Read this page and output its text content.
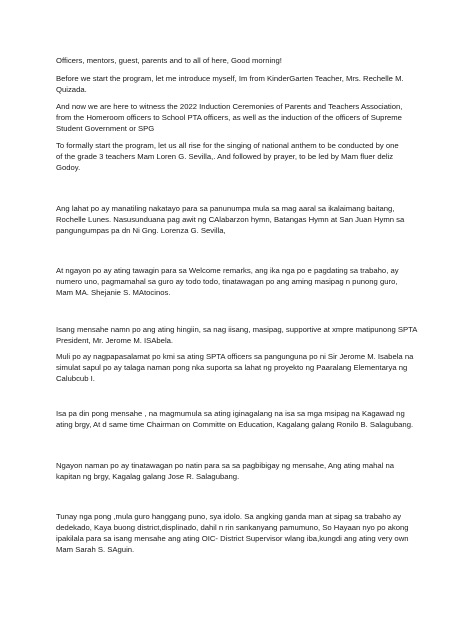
Officers, mentors, guest, parents and to all of here, Good morning!

Before we start the program, let me introduce myself, Im from KinderGarten Teacher, Mrs. Rechelle M.
Quizada.

And now we are here to witness the 2022 Induction Ceremonies of Parents and Teachers Association,
from the Homeroom officers to School PTA officers, as well as the induction of the officers of Supreme
Student Government or SPG

To formally start the program, let us all rise for the singing of national anthem to be conducted by one
of the grade 3 teachers Mam Loren G. Sevilla,. And followed by prayer, to be led by Mam fluer deliz
Godoy.

Ang lahat po ay manatiling nakatayo para sa panunumpa mula sa mag aaral sa ikalaimang baitang,
Rochelle Lunes. Nasusunduana pag awit ng CAlabarzon hymn, Batangas Hymn at San Juan Hymn sa
pangungumpas pa dn Ni Gng. Lorenza G. Sevilla,

At ngayon po ay ating tawagin para sa Welcome remarks, ang ika nga po e pagdating sa trabaho, ay
numero uno, pagmamahal sa guro ay todo todo, tinatawagan po ang aming masipag n punong guro,
Mam MA. Shejanie S. MAtocinos.

Isang mensahe namn po ang ating hingiin, sa nag iisang, masipag, supportive at xmpre matipunong SPTA
President, Mr. Jerome M. ISAbela.

Muli po ay nagpapasalamat po kmi sa ating SPTA officers sa pangunguna po ni Sir Jerome M. Isabela na
simulat sapul po ay talaga naman pong nka suporta sa lahat ng proyekto ng Paaralang Elementarya ng
Calubcub I.

Isa pa din pong mensahe , na magmumula sa ating iginagalang na isa sa mga msipag na Kagawad ng
ating brgy, At d same time Chairman on Committe on Education, Kagalang galang Ronilo B. Salagubang.

Ngayon naman po ay tinatawagan po natin para sa sa pagbibigay ng mensahe, Ang ating mahal na
kapitan ng brgy, Kagalag galang Jose R. Salagubang.

Tunay nga pong ,mula guro hanggang puno, sya idolo. Sa angking ganda man at sipag sa trabaho ay
dedekado, Kaya buong district,displinado, dahil n rin sankanyang pamumuno, So Hayaan nyo po akong
ipakilala para sa isang mensahe ang ating OIC- District Supervisor wlang iba,kungdi ang ating very own
Mam Sarah S. SAguin.
